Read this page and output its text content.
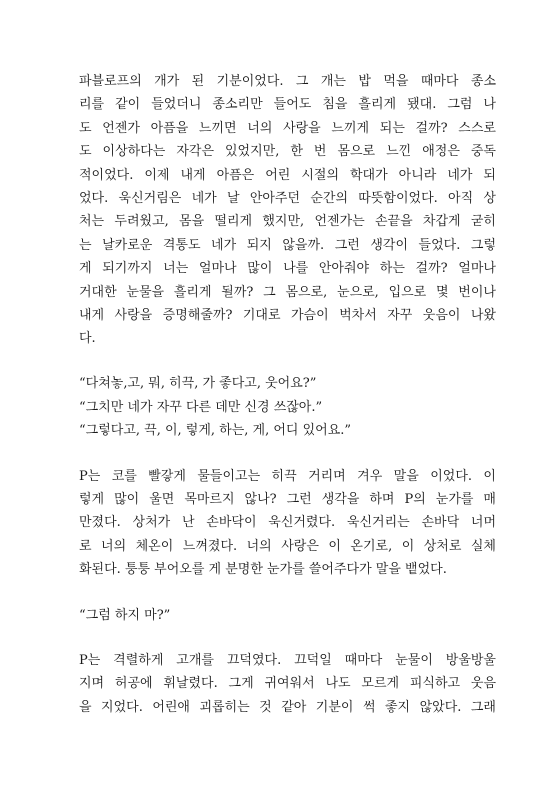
파블로프의 개가 된 기분이었다. 그 개는 밥 먹을 때마다 종소
리를 같이 들었더니 종소리만 들어도 침을 흘리게 됐대. 그럼 나
도 언젠가 아픔을 느끼면 너의 사랑을 느끼게 되는 걸까? 스스로
도 이상하다는 자각은 있었지만, 한 번 몸으로 느낀 애정은 중독
적이었다. 이제 내게 아픔은 어린 시절의 학대가 아니라 네가 되
었다. 욱신거림은 네가 날 안아주던 순간의 따뜻함이었다. 아직 상
처는 두려웠고, 몸을 떨리게 했지만, 언젠가는 손끝을 차갑게 굳히
는 날카로운 격통도 네가 되지 않을까. 그런 생각이 들었다. 그렇
게 되기까지 너는 얼마나 많이 나를 안아줘야 하는 걸까? 얼마나
거대한 눈물을 흘리게 될까? 그 몸으로, 눈으로, 입으로 몇 번이나
내게 사랑을 증명해줄까? 기대로 가슴이 벅차서 자꾸 웃음이 나왔
다.

“다쳐놓,고, 뭐, 히끅, 가 좋다고, 웃어요?”

“그치만 네가 자꾸 다른 데만 신경 쓰잖아.”

“그렇다고, 끅, 이, 렇게, 하는, 게, 어디 있어요.”

P는 코를 빨갛게 물들이고는 히끅 거리며 겨우 말을 이었다. 이
렇게 많이 울면 목마르지 않나? 그런 생각을 하며 P의 눈가를 매
만졌다. 상처가 난 손바닥이 욱신거렸다. 욱신거리는 손바닥 너머
로 너의 체온이 느껴졌다. 너의 사랑은 이 온기로, 이 상처로 실체
화된다. 퉁퉁 부어오를 게 분명한 눈가를 쓸어주다가 말을 뱉었다.

“그럼 하지 마?”

P는 격렬하게 고개를 끄덕였다. 끄덕일 때마다 눈물이 방울방울
지며 허공에 휘날렸다. 그게 귀여워서 나도 모르게 피식하고 웃음
을 지었다. 어린애 괴롭히는 것 같아 기분이 썩 좋지 않았다. 그래
